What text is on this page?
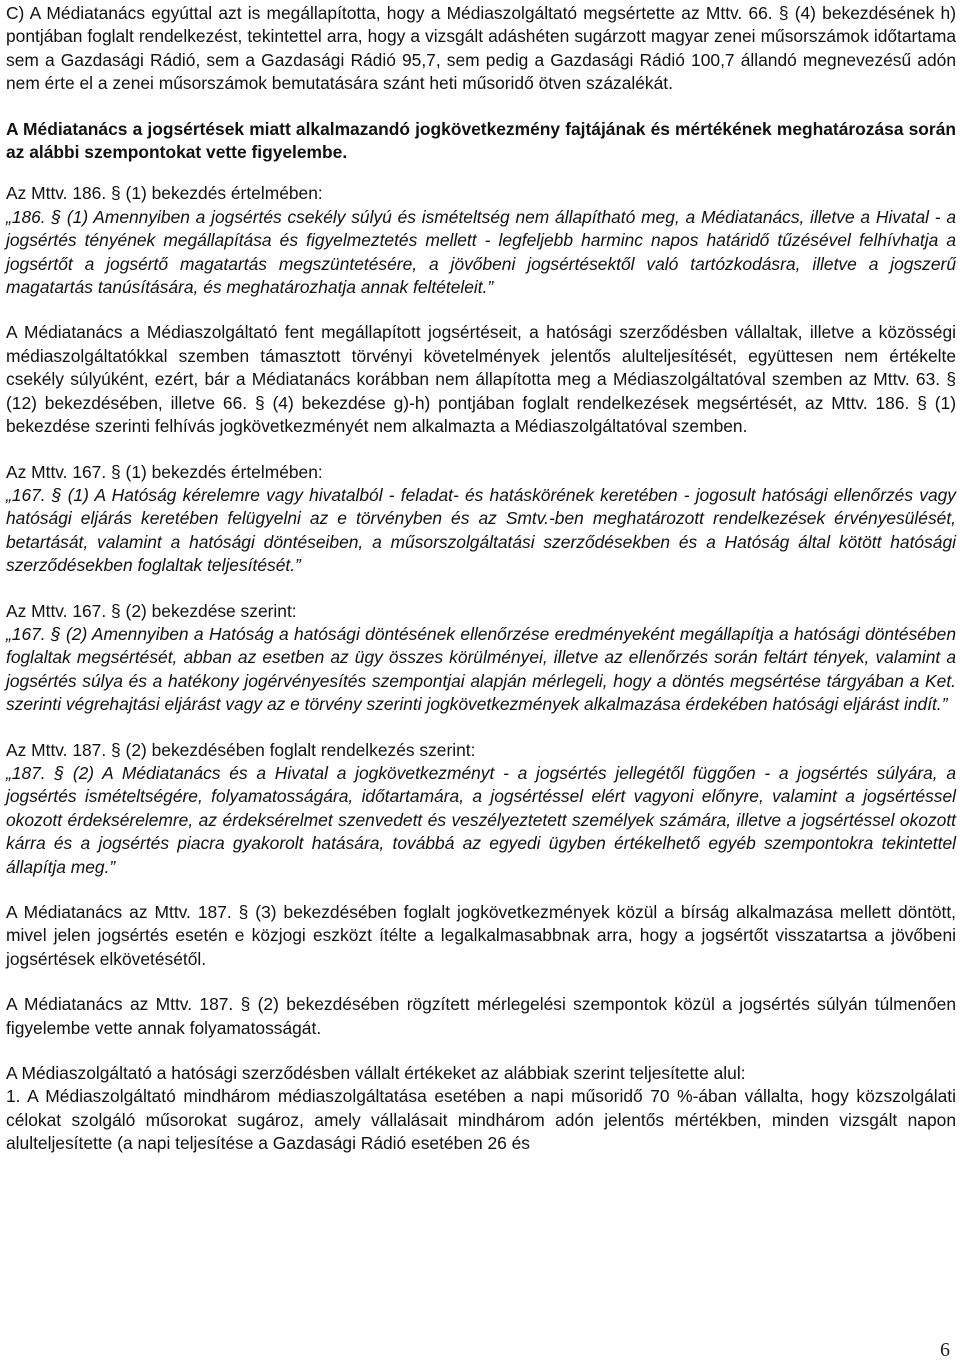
C) A Médiatanács egyúttal azt is megállapította, hogy a Médiaszolgáltató megsértette az Mttv. 66. § (4) bekezdésének h) pontjában foglalt rendelkezést, tekintettel arra, hogy a vizsgált adáshéten sugárzott magyar zenei műsorszámok időtartama sem a Gazdasági Rádió, sem a Gazdasági Rádió 95,7, sem pedig a Gazdasági Rádió 100,7 állandó megnevezésű adón nem érte el a zenei műsorszámok bemutatására szánt heti műsoridő ötven százalékát.

A Médiatanács a jogsértések miatt alkalmazandó jogkövetkezmény fajtájának és mértékének meghatározása során az alábbi szempontokat vette figyelembe.

Az Mttv. 186. § (1) bekezdés értelmében:

„186. § (1) Amennyiben a jogsértés csekély súlyú és ismételtség nem állapítható meg, a Médiatanács, illetve a Hivatal - a jogsértés tényének megállapítása és figyelmeztetés mellett - legfeljebb harminc napos határidő tűzésével felhívhatja a jogsértőt a jogsértő magatartás megszüntetésére, a jövőbeni jogsértésektől való tartózkodásra, illetve a jogszerű magatartás tanúsítására, és meghatározhatja annak feltételeit.”

A Médiatanács a Médiaszolgáltató fent megállapított jogsértéseit, a hatósági szerződésben vállaltak, illetve a közösségi médiaszolgáltatókkal szemben támasztott törvényi követelmények jelentős alulteljesítését, együttesen nem értékelte csekély súlyúként, ezért, bár a Médiatanács korábban nem állapította meg a Médiaszolgáltatóval szemben az Mttv. 63. § (12) bekezdésében, illetve 66. § (4) bekezdése g)-h) pontjában foglalt rendelkezések megsértését, az Mttv. 186. § (1) bekezdése szerinti felhívás jogkövetkezményét nem alkalmazta a Médiaszolgáltatóval szemben.

Az Mttv. 167. § (1) bekezdés értelmében:

„167. § (1) A Hatóság kérelemre vagy hivatalból - feladat- és hatáskörének keretében - jogosult hatósági ellenőrzés vagy hatósági eljárás keretében felügyelni az e törvényben és az Smtv.-ben meghatározott rendelkezések érvényesülését, betartását, valamint a hatósági döntéseiben, a műsorszolgáltatási szerződésekben és a Hatóság által kötött hatósági szerződésekben foglaltak teljesítését.”

Az Mttv. 167. § (2) bekezdése szerint:

„167. § (2) Amennyiben a Hatóság a hatósági döntésének ellenőrzése eredményeként megállapítja a hatósági döntésében foglaltak megsértését, abban az esetben az ügy összes körülményei, illetve az ellenőrzés során feltárt tények, valamint a jogsértés súlya és a hatékony jogérvényesítés szempontjai alapján mérlegeli, hogy a döntés megsértése tárgyában a Ket. szerinti végrehajtási eljárást vagy az e törvény szerinti jogkövetkezmények alkalmazása érdekében hatósági eljárást indít.”

Az Mttv. 187. § (2) bekezdésében foglalt rendelkezés szerint:

„187. § (2) A Médiatanács és a Hivatal a jogkövetkezményt - a jogsértés jellegétől függően - a jogsértés súlyára, a jogsértés ismételtségére, folyamatosságára, időtartamára, a jogsértéssel elért vagyoni előnyre, valamint a jogsértéssel okozott érdeksérelemre, az érdeksérelmet szenvedett és veszélyeztetett személyek számára, illetve a jogsértéssel okozott kárra és a jogsértés piacra gyakorolt hatására, továbbá az egyedi ügyben értékelhető egyéb szempontokra tekintettel állapítja meg.”

A Médiatanács az Mttv. 187. § (3) bekezdésében foglalt jogkövetkezmények közül a bírság alkalmazása mellett döntött, mivel jelen jogsértés esetén e közjogi eszközt ítélte a legalkalmasabbnak arra, hogy a jogsértőt visszatartsa a jövőbeni jogsértések elkövetésétől.

A Médiatanács az Mttv. 187. § (2) bekezdésében rögzített mérlegelési szempontok közül a jogsértés súlyán túlmenően figyelembe vette annak folyamatosságát.

A Médiaszolgáltató a hatósági szerződésben vállalt értékeket az alábbiak szerint teljesítette alul:

1. A Médiaszolgáltató mindhárom médiaszolgáltatása esetében a napi műsoridő 70 %-ában vállalta, hogy közszolgálati célokat szolgáló műsorokat sugároz, amely vállalásait mindhárom adón jelentős mértékben, minden vizsgált napon alulteljesítette (a napi teljesítése a Gazdasági Rádió esetében 26 és

6
